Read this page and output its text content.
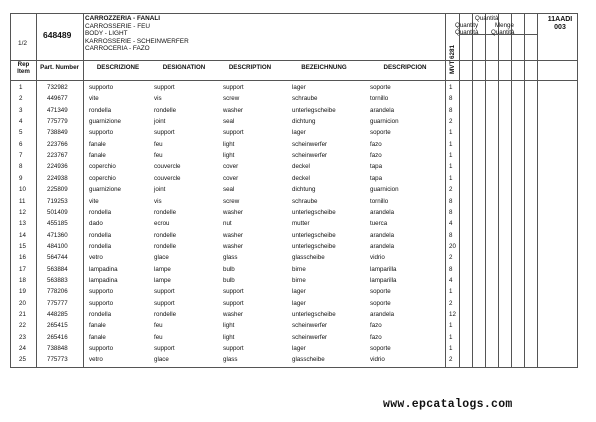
1/2
648489
CARROZZERIA - FANALI
CARROSSERIE - FEU
BODY - LIGHT
KARROSSERIE - SCHEINWERFER
CARROCERIA - FAZO	MVT 6281
Quantità
Quantity
Quantità
Menge
Quantità
11AADI
003
Rep
Item
Part. Number	DESCRIZIONE	DESIGNATION	DESCRIPTION	BEZEICHNUNG	DESCRIPCION
1	732982	supporto	support	support	lager	soporte	1
2	449677	vite	vis	screw	schraube	tornillo	8
3	471349	rondella	rondelle	washer	unterlegscheibe	arandela	8
4	775779	guarnizione	joint	seal	dichtung	guarnicion	2
5	738849	supporto	support	support	lager	soporte	1
6	223766	fanale	feu	light	scheinwerfer	fazo	1
7	223767	fanale	feu	light	scheinwerfer	fazo	1
8	224936	coperchio	couvercle	cover	deckel	tapa	1
9	224938	coperchio	couvercle	cover	deckel	tapa	1
10	225809	guarnizione	joint	seal	dichtung	guarnicion	2
11	719253	vite	vis	screw	schraube	tornillo	8
12	501409	rondella	rondelle	washer	unterlegscheibe	arandela	8
13	455185	dado	ecrou	nut	mutter	tuerca	4
14	471360	rondella	rondelle	washer	unterlegscheibe	arandela	8
15	484100	rondella	rondelle	washer	unterlegscheibe	arandela	20
16	564744	vetro	glace	glass	glasscheibe	vidrio	2
17	563884	lampadina	lampe	bulb	birne	lamparilla	8
18	563883	lampadina	lampe	bulb	birne	lamparilla	4
19	778206	supporto	support	support	lager	soporte	1
20	775777	supporto	support	support	lager	soporte	2
21	448285	rondella	rondelle	washer	unterlegscheibe	arandela	12
22	265415	fanale	feu	light	scheinwerfer	fazo	1
23	265416	fanale	feu	light	scheinwerfer	fazo	1
24	738848	supporto	support	support	lager	soporte	1
25	775773	vetro	glace	glass	glasscheibe	vidrio	2
www.epcatalogs.com
